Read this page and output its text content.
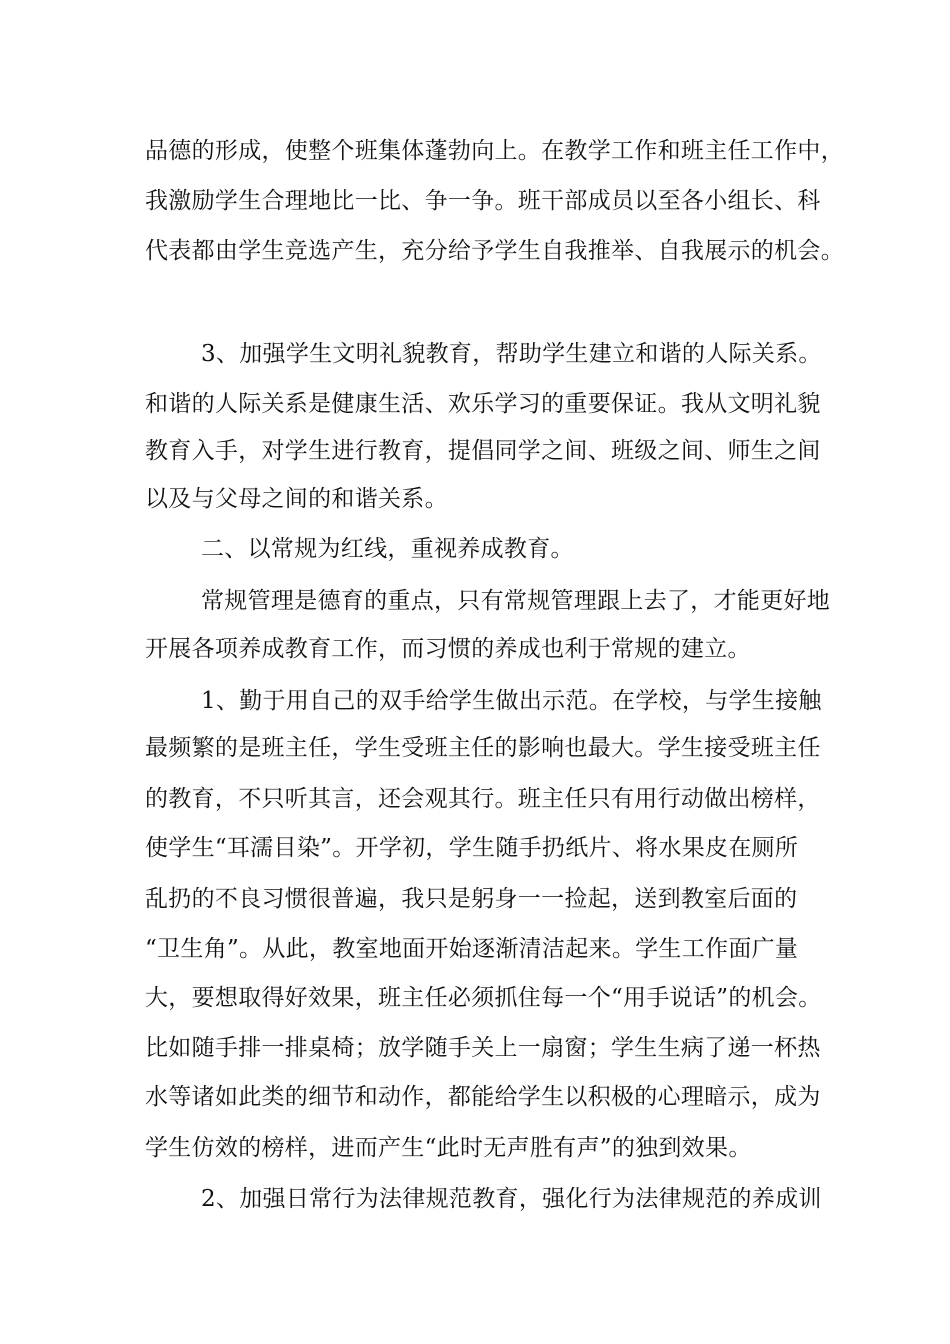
品德的形成，使整个班集体蓬勃向上。在教学工作和班主任工作中，

我激励学生合理地比一比、争一争。班干部成员以至各小组长、科

代表都由学生竞选产生，充分给予学生自我推举、自我展示的机会。

3、加强学生文明礼貌教育，帮助学生建立和谐的人际关系。

和谐的人际关系是健康生活、欢乐学习的重要保证。我从文明礼貌

教育入手，对学生进行教育，提倡同学之间、班级之间、师生之间

以及与父母之间的和谐关系。

二、以常规为红线，重视养成教育。

常规管理是德育的重点，只有常规管理跟上去了，才能更好地

开展各项养成教育工作，而习惯的养成也利于常规的建立。

1、勤于用自己的双手给学生做出示范。在学校，与学生接触

最频繁的是班主任，学生受班主任的影响也最大。学生接受班主任

的教育，不只听其言，还会观其行。班主任只有用行动做出榜样，

使学生“耳濡目染”。开学初，学生随手扔纸片、将水果皮在厕所

乱扔的不良习惯很普遍，我只是躬身一一捡起，送到教室后面的

“卫生角”。从此，教室地面开始逐渐清洁起来。学生工作面广量

大，要想取得好效果，班主任必须抓住每一个“用手说话”的机会。

比如随手排一排桌椅；放学随手关上一扇窗；学生生病了递一杯热

水等诸如此类的细节和动作，都能给学生以积极的心理暗示，成为

学生仿效的榜样，进而产生“此时无声胜有声”的独到效果。

2、加强日常行为法律规范教育，强化行为法律规范的养成训
